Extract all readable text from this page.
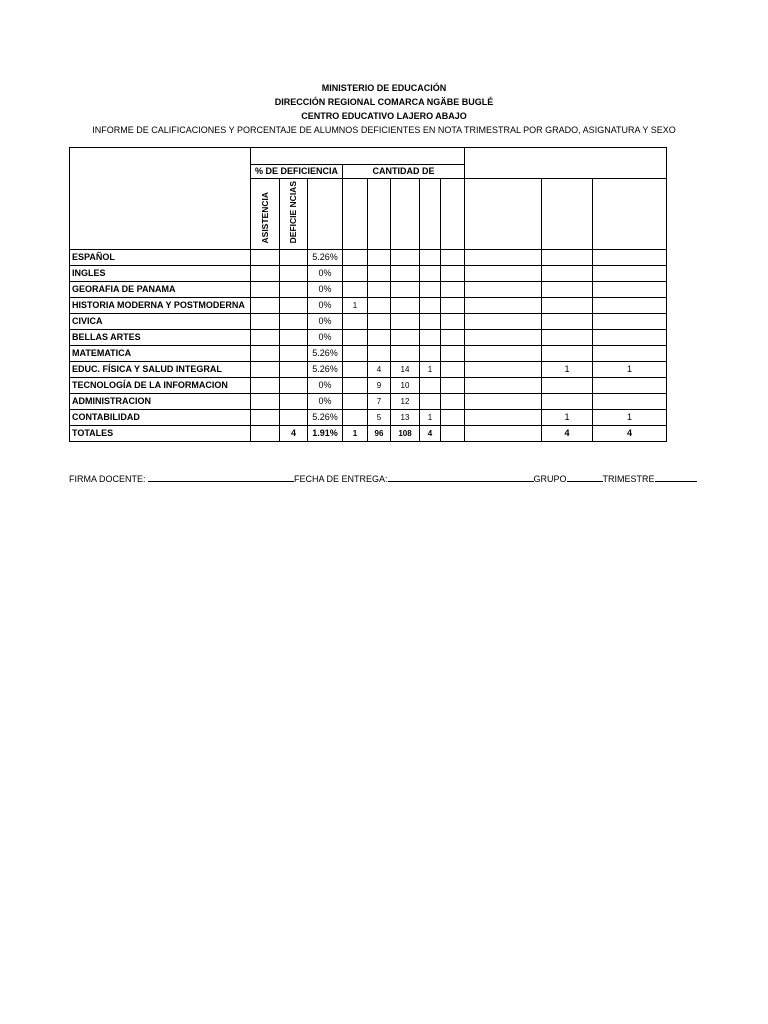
MINISTERIO DE EDUCACIÓN
DIRECCIÓN REGIONAL COMARCA NGÄBE BUGLÉ
CENTRO EDUCATIVO LAJERO ABAJO
INFORME DE CALIFICACIONES Y PORCENTAJE DE ALUMNOS DEFICIENTES EN NOTA TRIMESTRAL POR GRADO, ASIGNATURA Y SEXO

	% DE DEFICIENCIA			CANTIDAD DE							

	ASISTENCIA	DEFICIE NCIAS									

ESPAÑOL			5.26%								
INGLES			0%								
GEORAFIA DE PANAMA			0%								
HISTORIA MODERNA Y POSTMODERNA			0%	1							
CIVICA			0%								
BELLAS ARTES			0%								
MATEMATICA			5.26%								
EDUC. FÍSICA Y SALUD INTEGRAL			5.26%		4	14	1			1	1
TECNOLOGÍA DE LA INFORMACION			0%		9	10					
ADMINISTRACION			0%		7	12					
CONTABILIDAD			5.26%		5	13	1			1	1
TOTALES		4	1.91%	1	96	108	4			4	4
FIRMA DOCENTE:	FECHA DE ENTREGA:	GRUPO	TRIMESTRE
